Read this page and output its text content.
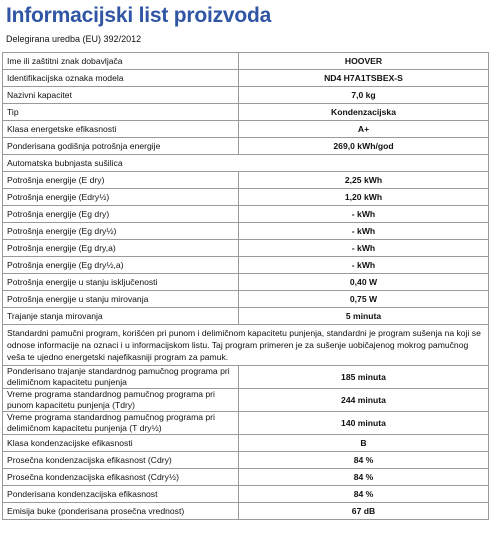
Informacijski list proizvoda
Delegirana uredba (EU) 392/2012
Ime ili zaštitni znak dobavljača	HOOVER
Identifikacijska oznaka modela	ND4 H7A1TSBEX-S
Nazivni kapacitet	7,0 kg
Tip	Kondenzacijska
Klasa energetske efikasnosti	A+
Ponderisana godišnja potrošnja energije	269,0 kWh/god
Automatska bubnjasta sušilica	
Potrošnja energije (E dry)	2,25 kWh
Potrošnja energije (Edry½)	1,20 kWh
Potrošnja energije (Eg dry)	- kWh
Potrošnja energije (Eg dry½)	- kWh
Potrošnja energije (Eg dry,a)	- kWh
Potrošnja energije (Eg dry½,a)	- kWh
Potrošnja energije u stanju isključenosti	0,40 W
Potrošnja energije u stanju mirovanja	0,75 W
Trajanje stanja mirovanja	5 minuta
Standardni pamučni program, korišćen pri punom i delimičnom kapacitetu punjenja, standardni je program sušenja na koji se odnose informacije na oznaci i u informacijskom listu. Taj program primeren je za sušenje uobičajenog mokrog pamučnog veša te ujedno energetski najefikasniji program za pamuk.	
Ponderisano trajanje standardnog pamučnog programa pri delimičnom kapacitetu punjenja	185 minuta
Vreme programa standardnog pamučnog programa pri punom kapacitetu punjenja (Tdry)	244 minuta
Vreme programa standardnog pamučnog programa pri delimičnom kapacitetu punjenja (T dry½)	140 minuta
Klasa kondenzacijske efikasnosti	B
Prosečna kondenzacijska efikasnost (Cdry)	84 %
Prosečna kondenzacijska efikasnost (Cdry½)	84 %
Ponderisana kondenzacijska efikasnost	84 %
Emisija buke (ponderisana prosečna vrednost)	67 dB
